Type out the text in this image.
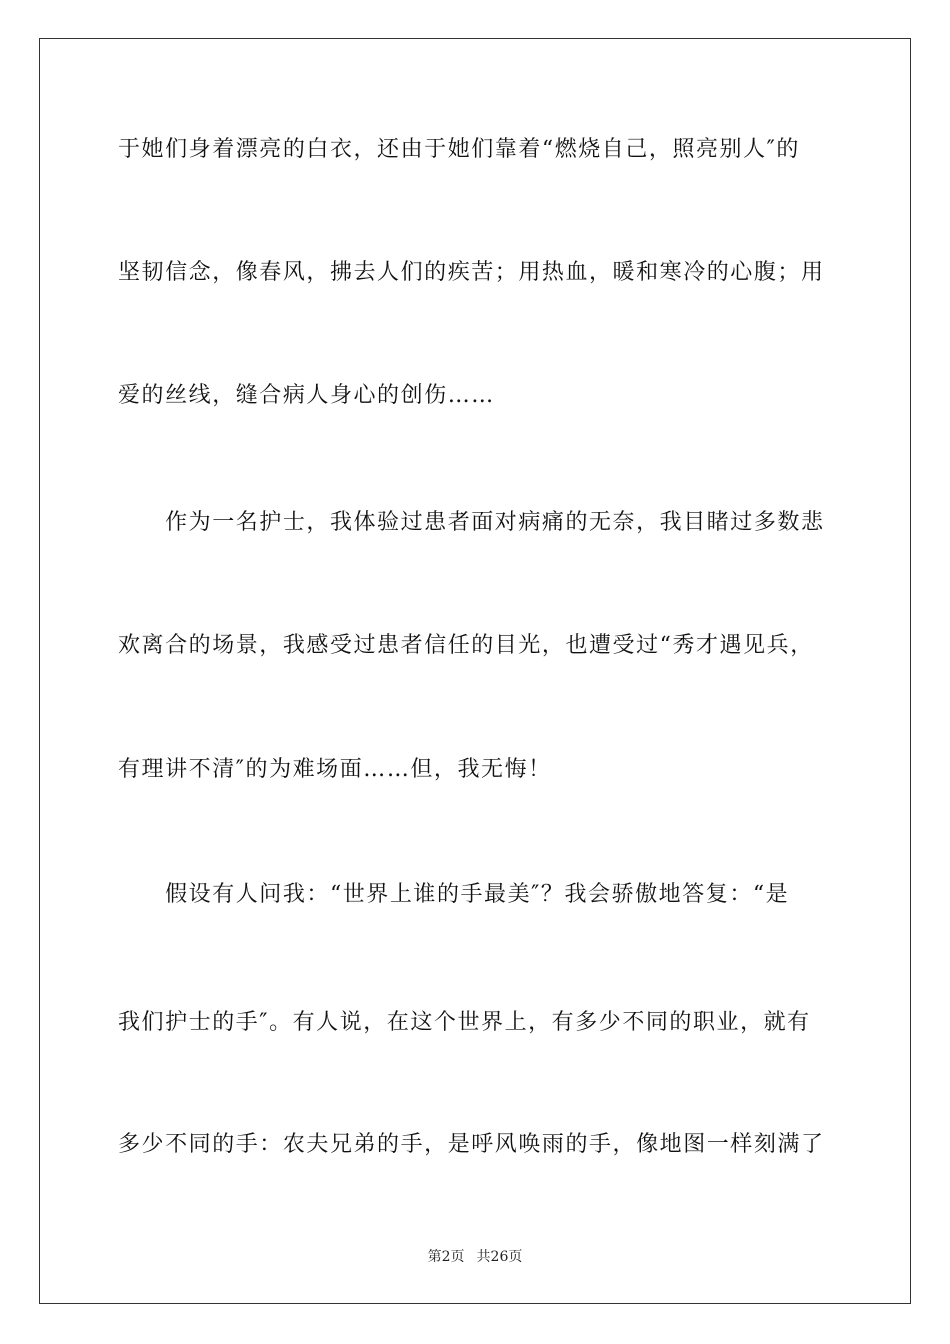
于她们身着漂亮的白衣，还由于她们靠着“燃烧自己，照亮别人″的
坚韧信念，像春风，拂去人们的疾苦；用热血，暖和寒冷的心腹；用
爱的丝线，缝合病人身心的创伤……
　　作为一名护士，我体验过患者面对病痛的无奈，我目睹过多数悲
欢离合的场景，我感受过患者信任的目光，也遭受过“秀才遇见兵，
有理讲不清″的为难场面……但，我无悔！
　　假设有人问我：“世界上谁的手最美″？我会骄傲地答复：“是
我们护士的手″。有人说，在这个世界上，有多少不同的职业，就有
多少不同的手：农夫兄弟的手，是呼风唤雨的手，像地图一样刻满了
第2页 共26页
